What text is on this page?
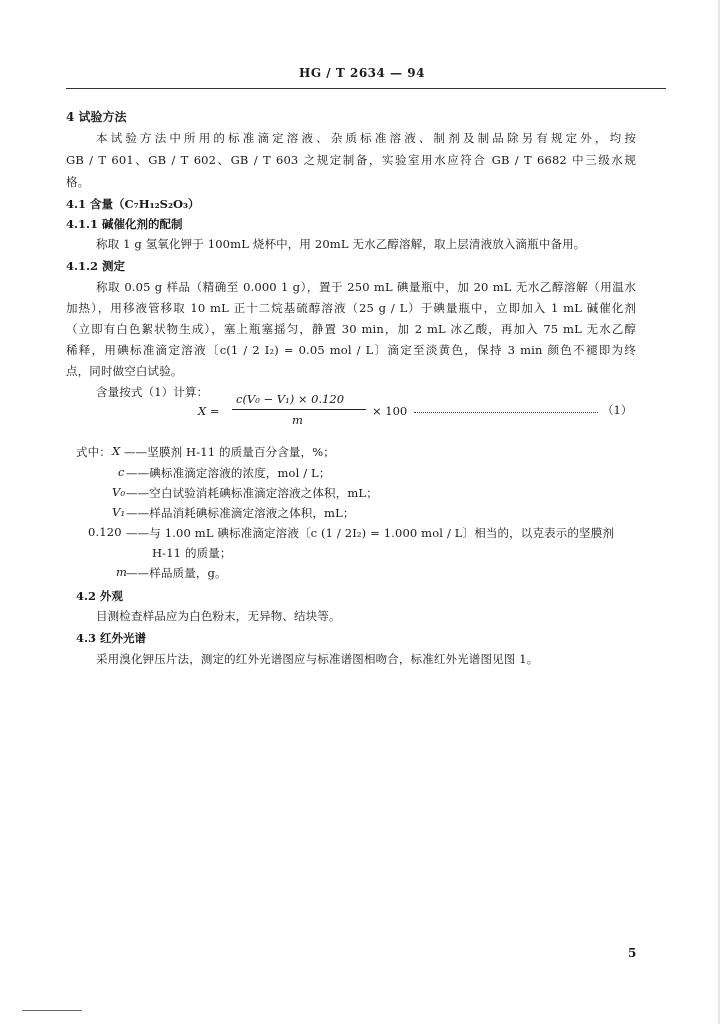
HG / T 2634 — 94
4 试验方法
本试验方法中所用的标准滴定溶液、杂质标准溶液、制剂及制品除另有规定外，均按
GB / T 601、GB / T 602、GB / T 603 之规定制备，实验室用水应符合 GB / T 6682 中三级水规
格。
4.1 含量（C₇H₁₂S₂O₃）
4.1.1 碱催化剂的配制
称取 1 g 氢氧化钾于 100mL 烧杯中，用 20mL 无水乙醇溶解，取上层清液放入滴瓶中备用。
4.1.2 测定
称取 0.05 g 样品（精确至 0.000 1 g），置于 250 mL 碘量瓶中，加 20 mL 无水乙醇溶解（用温水
加热），用移液管移取 10 mL 正十二烷基硫醇溶液（25 g / L）于碘量瓶中，立即加入 1 mL 碱催化剂
（立即有白色絮状物生成），塞上瓶塞摇匀，静置 30 min，加 2 mL 冰乙酸，再加入 75 mL 无水乙醇
稀释，用碘标准滴定溶液〔c(1 / 2 I₂) = 0.05 mol / L〕滴定至淡黄色，保持 3 min 颜色不褪即为终
点，同时做空白试验。
含量按式（1）计算：
X =
c(V₀ − V₁) × 0.120
m
× 100	（1）
式中： X ——坚膜剂 H-11 的质量百分含量，%；
c ——碘标准滴定溶液的浓度，mol / L；
V₀ ——空白试验消耗碘标准滴定溶液之体积，mL；
V₁ ——样品消耗碘标准滴定溶液之体积，mL；
0.120 ——与 1.00 mL 碘标准滴定溶液〔c (1 / 2I₂) = 1.000 mol / L〕相当的，以克表示的坚膜剂
H-11 的质量；
m
——样品质量，g。
4.2 外观
目测检查样品应为白色粉末，无异物、结块等。
4.3 红外光谱
采用溴化钾压片法，测定的红外光谱图应与标准谱图相吻合，标准红外光谱图见图 1。
5
